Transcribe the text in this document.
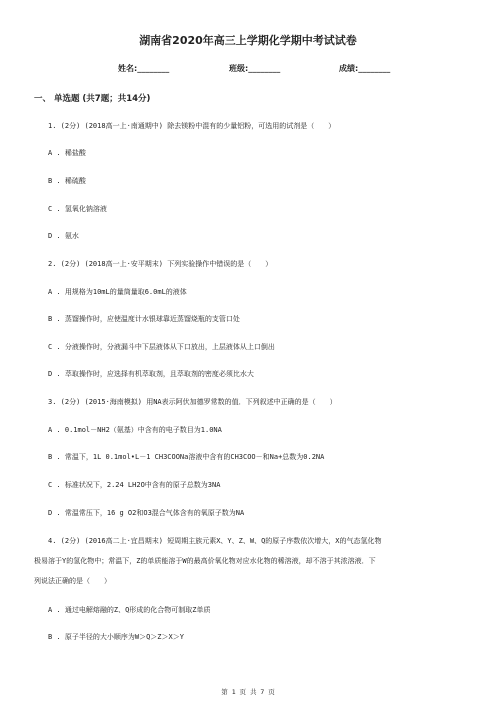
湖南省2020年高三上学期化学期中考试试卷
姓名:________	班级:________	成绩:________
一、 单选题 (共7题；共14分)
1. (2分) (2018高一上·南通期中) 除去镁粉中混有的少量铝粉，可选用的试剂是（　　）
A . 稀盐酸
B . 稀硫酸
C . 氢氧化钠溶液
D . 氨水
2. (2分) (2018高一上·安平期末) 下列实验操作中错误的是（　　）
A . 用规格为10mL的量筒量取6.0mL的液体
B . 蒸馏操作时，应使温度计水银球靠近蒸馏烧瓶的支管口处
C . 分液操作时，分液漏斗中下层液体从下口放出，上层液体从上口倒出
D . 萃取操作时，应选择有机萃取剂，且萃取剂的密度必须比水大
3. (2分) (2015·海南模拟) 用NA表示阿伏加德罗常数的值．下列叙述中正确的是（　　）
A . 0.1mol－NH2（氨基）中含有的电子数目为1.0NA
B . 常温下，1L 0.1mol•L－1 CH3COONa溶液中含有的CH3COO－和Na+总数为0.2NA
C . 标准状况下，2.24 LH2O中含有的原子总数为3NA
D . 常温常压下，16 g O2和O3混合气体含有的氧原子数为NA
4. (2分) (2016高二上·宜昌期末) 短周期主族元素X、Y、Z、W、Q的原子序数依次增大，X的气态氢化物
极易溶于Y的氢化物中；常温下，Z的单质能溶于W的最高价氧化物对应水化物的稀溶液，却不溶于其浓溶液．下
列说法正确的是（　　）
A . 通过电解熔融的Z、Q形成的化合物可制取Z单质
B . 原子半径的大小顺序为W＞Q＞Z＞X＞Y
第 1 页 共 7 页
